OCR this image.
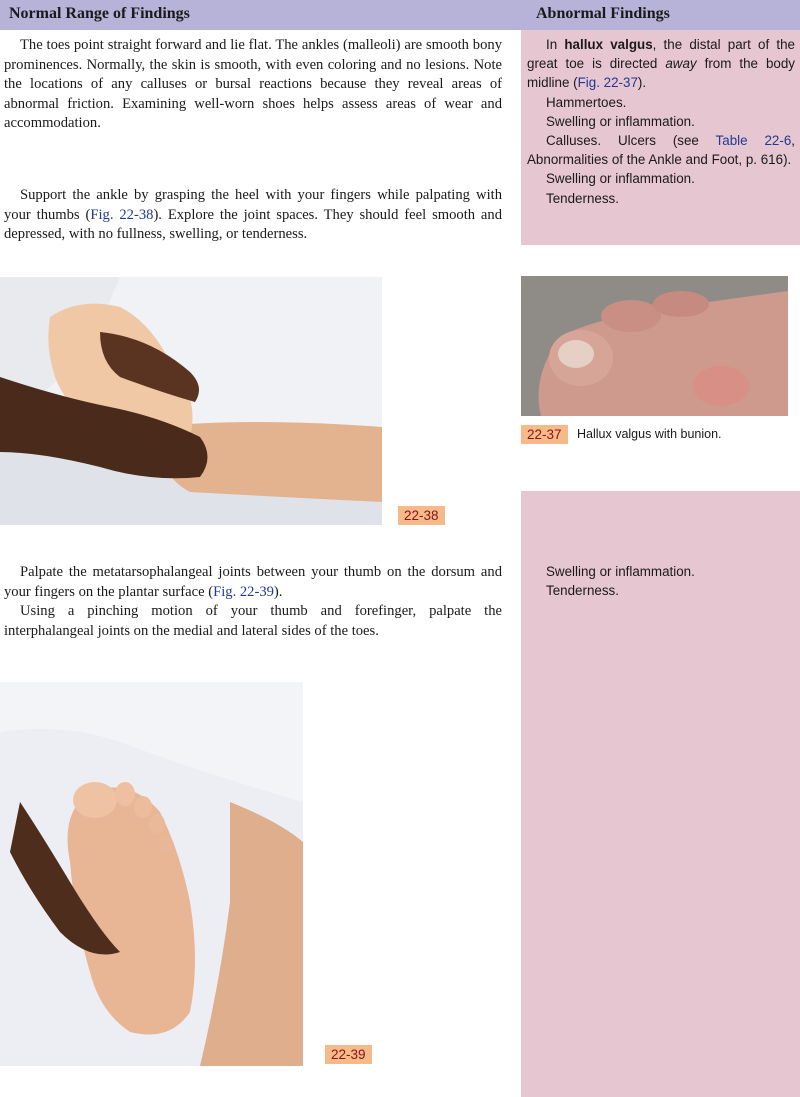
Normal Range of Findings	Abnormal Findings

The toes point straight forward and lie flat. The ankles (malleoli) are smooth bony prominences. Normally, the skin is smooth, with even coloring and no lesions. Note the locations of any calluses or bursal reactions because they reveal areas of abnormal friction. Examining well-worn shoes helps assess areas of wear and accommodation.

Support the ankle by grasping the heel with your fingers while palpating with your thumbs (Fig. 22-38). Explore the joint spaces. They should feel smooth and depressed, with no fullness, swelling, or tenderness.

In hallux valgus, the distal part of the great toe is directed away from the body midline (Fig. 22-37).
Hammertoes.
Swelling or inflammation.
Calluses. Ulcers (see Table 22-6, Abnormalities of the Ankle and Foot, p. 616).
Swelling or inflammation.
Tenderness.
22-38
22-37	Hallux valgus with bunion.

Palpate the metatarsophalangeal joints between your thumb on the dorsum and your fingers on the plantar surface (Fig. 22-39).

Using a pinching motion of your thumb and forefinger, palpate the interphalangeal joints on the medial and lateral sides of the toes.

Swelling or inflammation.
Tenderness.
22-39
